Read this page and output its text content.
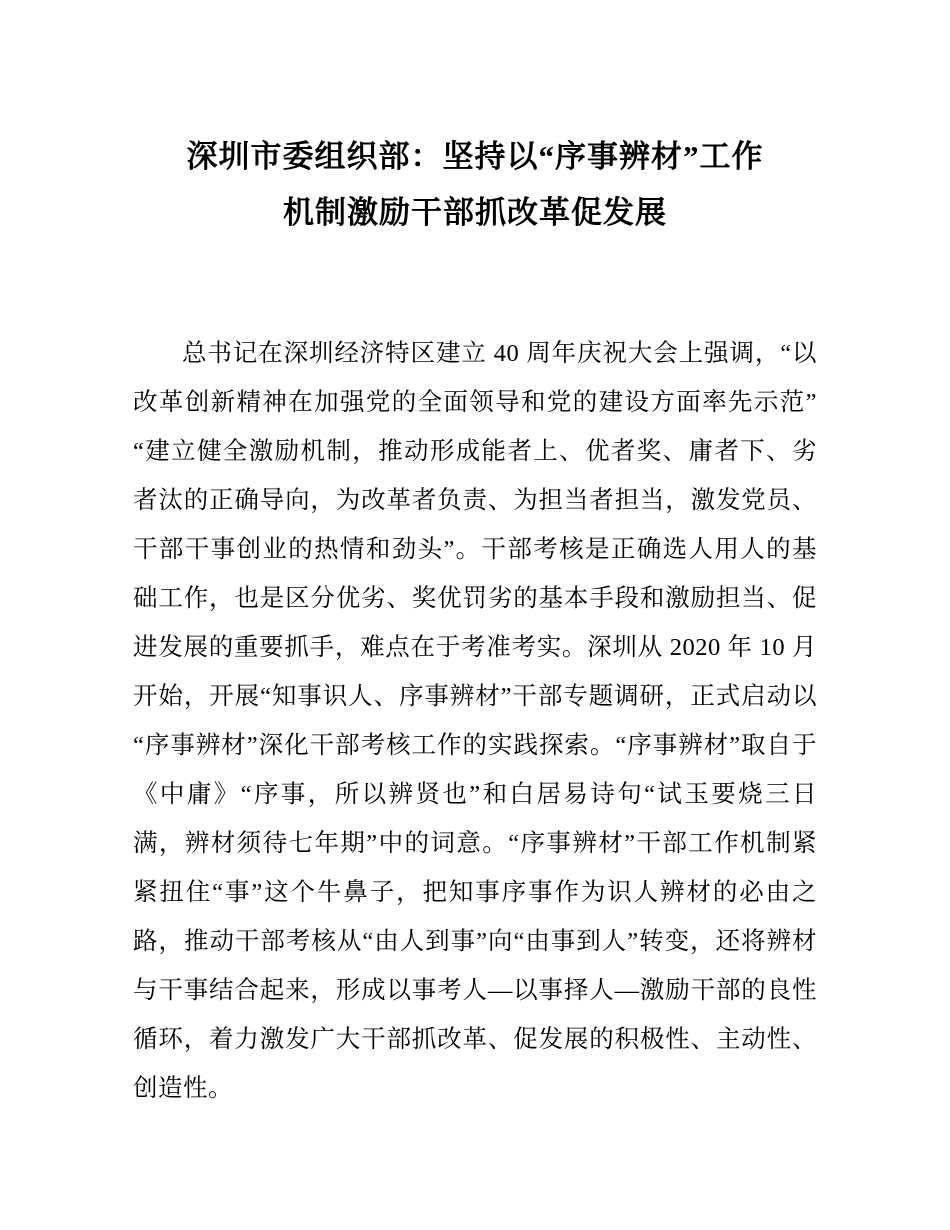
深圳市委组织部：坚持以“序事辨材”工作
机制激励干部抓改革促发展

总书记在深圳经济特区建立 40 周年庆祝大会上强调，“以改革创新精神在加强党的全面领导和党的建设方面率先示范”“建立健全激励机制，推动形成能者上、优者奖、庸者下、劣者汰的正确导向，为改革者负责、为担当者担当，激发党员、干部干事创业的热情和劲头”。干部考核是正确选人用人的基础工作，也是区分优劣、奖优罚劣的基本手段和激励担当、促进发展的重要抓手，难点在于考准考实。深圳从 2020 年 10 月开始，开展“知事识人、序事辨材”干部专题调研，正式启动以“序事辨材”深化干部考核工作的实践探索。“序事辨材”取自于《中庸》“序事，所以辨贤也”和白居易诗句“试玉要烧三日满，辨材须待七年期”中的词意。“序事辨材”干部工作机制紧紧扭住“事”这个牛鼻子，把知事序事作为识人辨材的必由之路，推动干部考核从“由人到事”向“由事到人”转变，还将辨材与干事结合起来，形成以事考人—以事择人—激励干部的良性循环，着力激发广大干部抓改革、促发展的积极性、主动性、创造性。
